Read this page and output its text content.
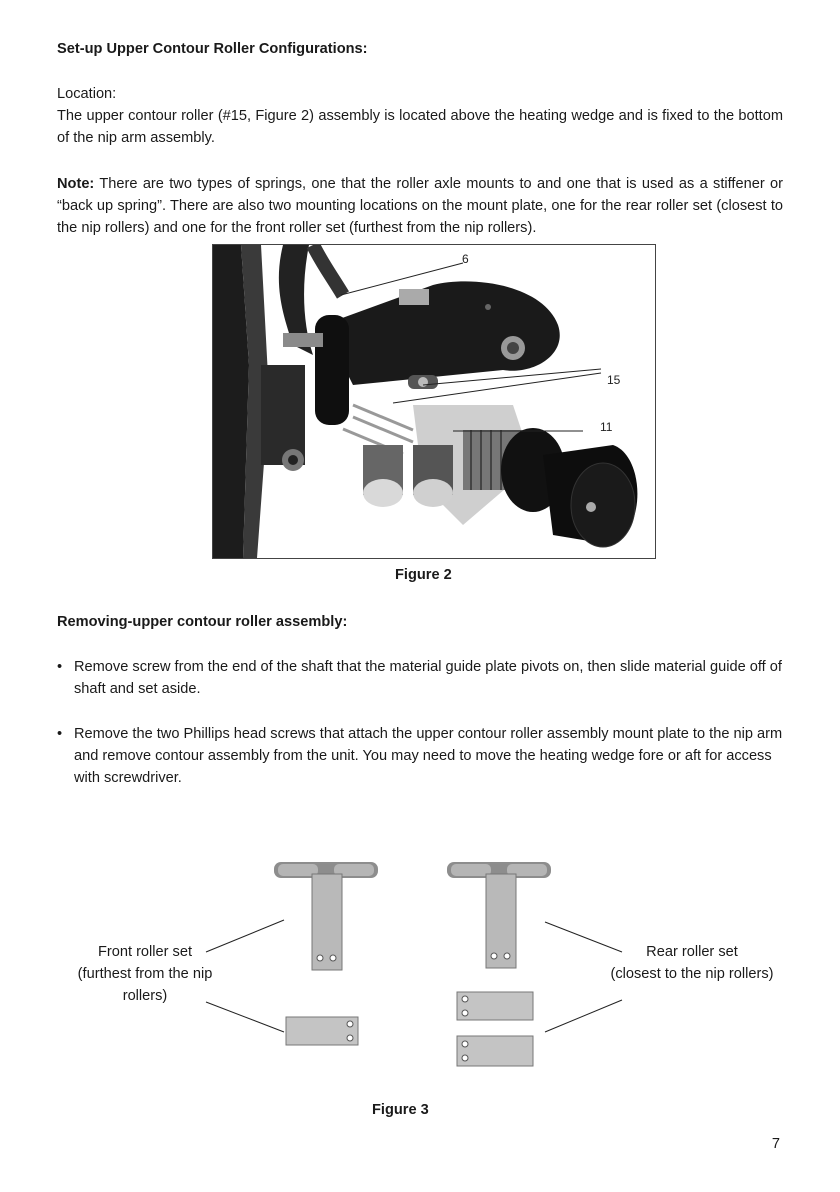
Set-up Upper Contour Roller Configurations:
Location:
The upper contour roller (#15, Figure 2) assembly is located above the heating wedge and is fixed to the bottom of the nip arm assembly.
Note: There are two types of springs, one that the roller axle mounts to and one that is used as a stiffener or “back up spring”. There are also two mounting locations on the mount plate, one for the rear roller set (closest to the nip rollers) and one for the front roller set (furthest from the nip rollers).
6
15
11
Figure 2
Removing-upper contour roller assembly:
• Remove screw from the end of the shaft that the material guide plate pivots on, then slide material guide off of shaft and set aside.
• Remove the two Phillips head screws that attach the upper contour roller assembly mount plate to the nip arm and remove contour assembly from the unit. You may need to move the heating wedge fore or aft for access with screwdriver.
Front roller set
(furthest from the nip
rollers)
Rear roller set
(closest to the nip rollers)
Figure 3
7
